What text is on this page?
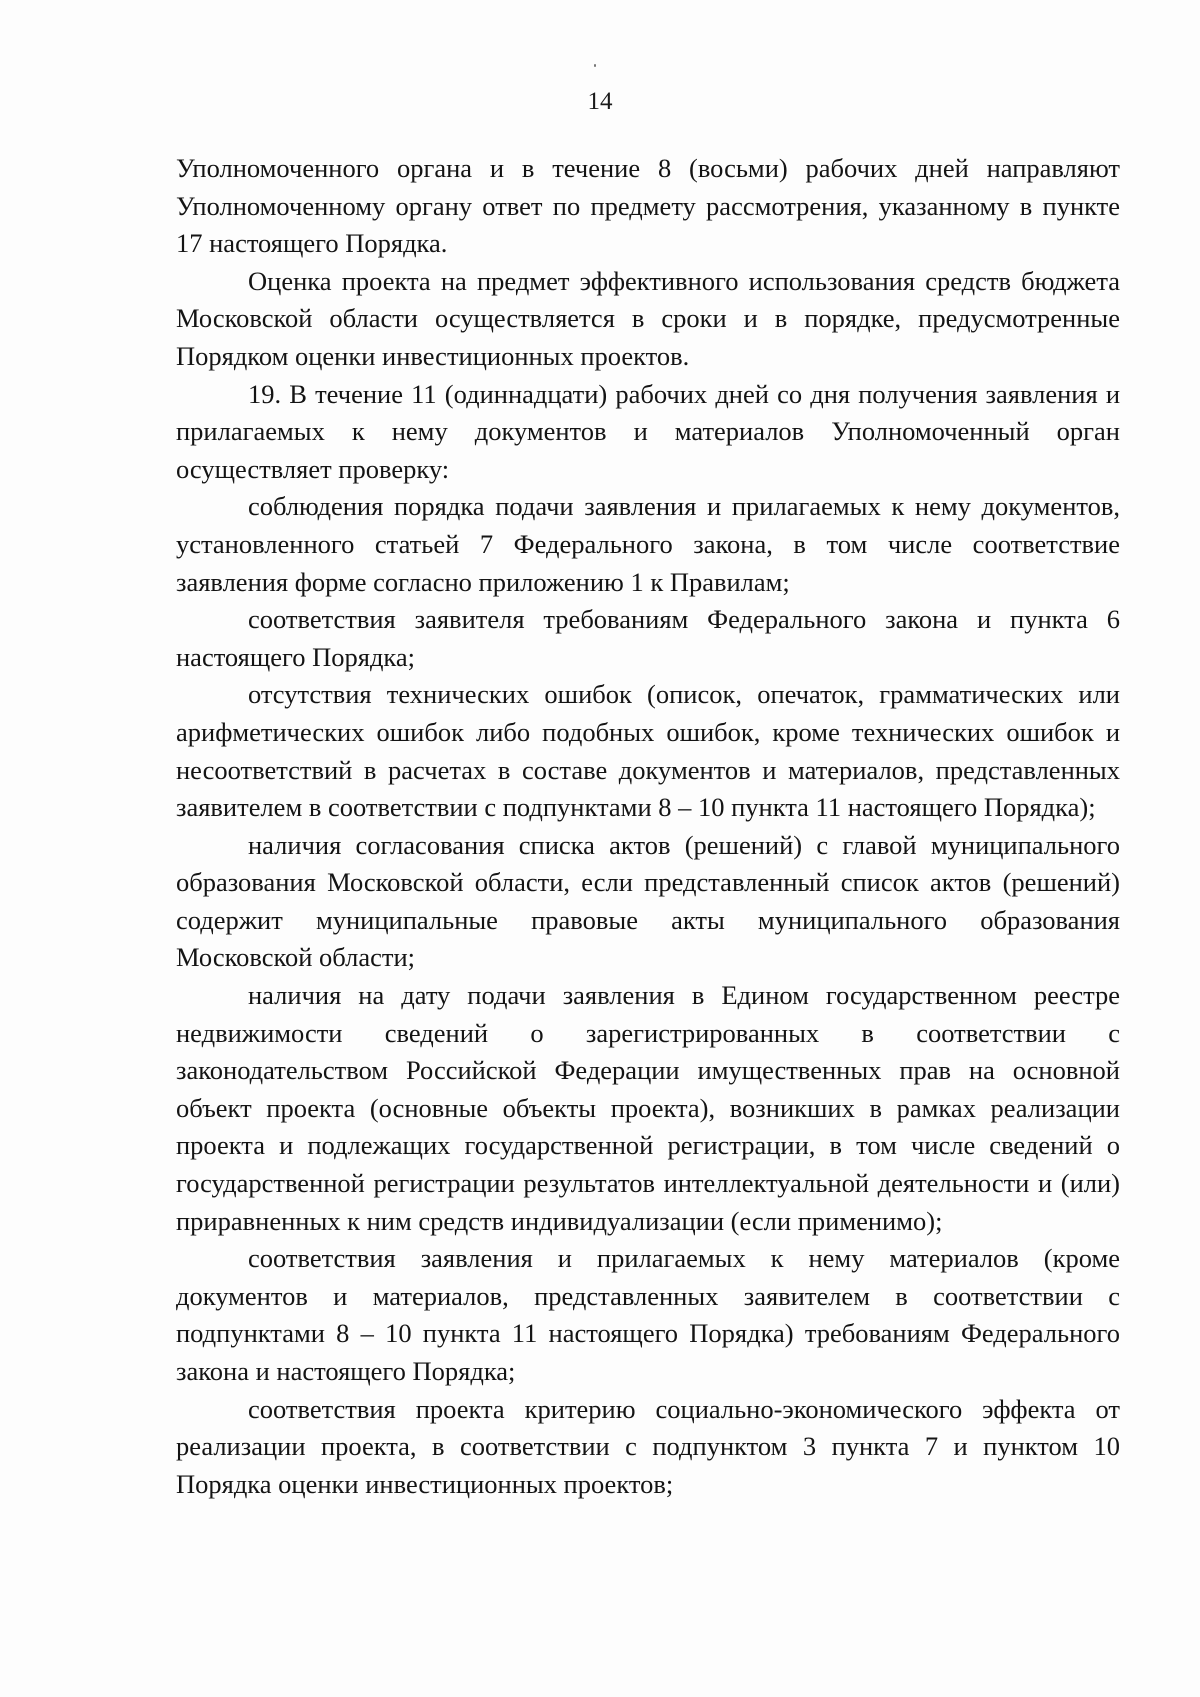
14

Уполномоченного органа и в течение 8 (восьми) рабочих дней направляют Уполномоченному органу ответ по предмету рассмотрения, указанному в пункте 17 настоящего Порядка.

Оценка проекта на предмет эффективного использования средств бюджета Московской области осуществляется в сроки и в порядке, предусмотренные Порядком оценки инвестиционных проектов.

19. В течение 11 (одиннадцати) рабочих дней со дня получения заявления и прилагаемых к нему документов и материалов Уполномоченный орган осуществляет проверку:

соблюдения порядка подачи заявления и прилагаемых к нему документов, установленного статьей 7 Федерального закона, в том числе соответствие заявления форме согласно приложению 1 к Правилам;

соответствия заявителя требованиям Федерального закона и пункта 6 настоящего Порядка;

отсутствия технических ошибок (описок, опечаток, грамматических или арифметических ошибок либо подобных ошибок, кроме технических ошибок и несоответствий в расчетах в составе документов и материалов, представленных заявителем в соответствии с подпунктами 8 – 10 пункта 11 настоящего Порядка);

наличия согласования списка актов (решений) с главой муниципального образования Московской области, если представленный список актов (решений) содержит муниципальные правовые акты муниципального образования Московской области;

наличия на дату подачи заявления в Едином государственном реестре недвижимости сведений о зарегистрированных в соответствии с законодательством Российской Федерации имущественных прав на основной объект проекта (основные объекты проекта), возникших в рамках реализации проекта и подлежащих государственной регистрации, в том числе сведений о государственной регистрации результатов интеллектуальной деятельности и (или) приравненных к ним средств индивидуализации (если применимо);

соответствия заявления и прилагаемых к нему материалов (кроме документов и материалов, представленных заявителем в соответствии с подпунктами 8 – 10 пункта 11 настоящего Порядка) требованиям Федерального закона и настоящего Порядка;

соответствия проекта критерию социально-экономического эффекта от реализации проекта, в соответствии с подпунктом 3 пункта 7 и пунктом 10 Порядка оценки инвестиционных проектов;
